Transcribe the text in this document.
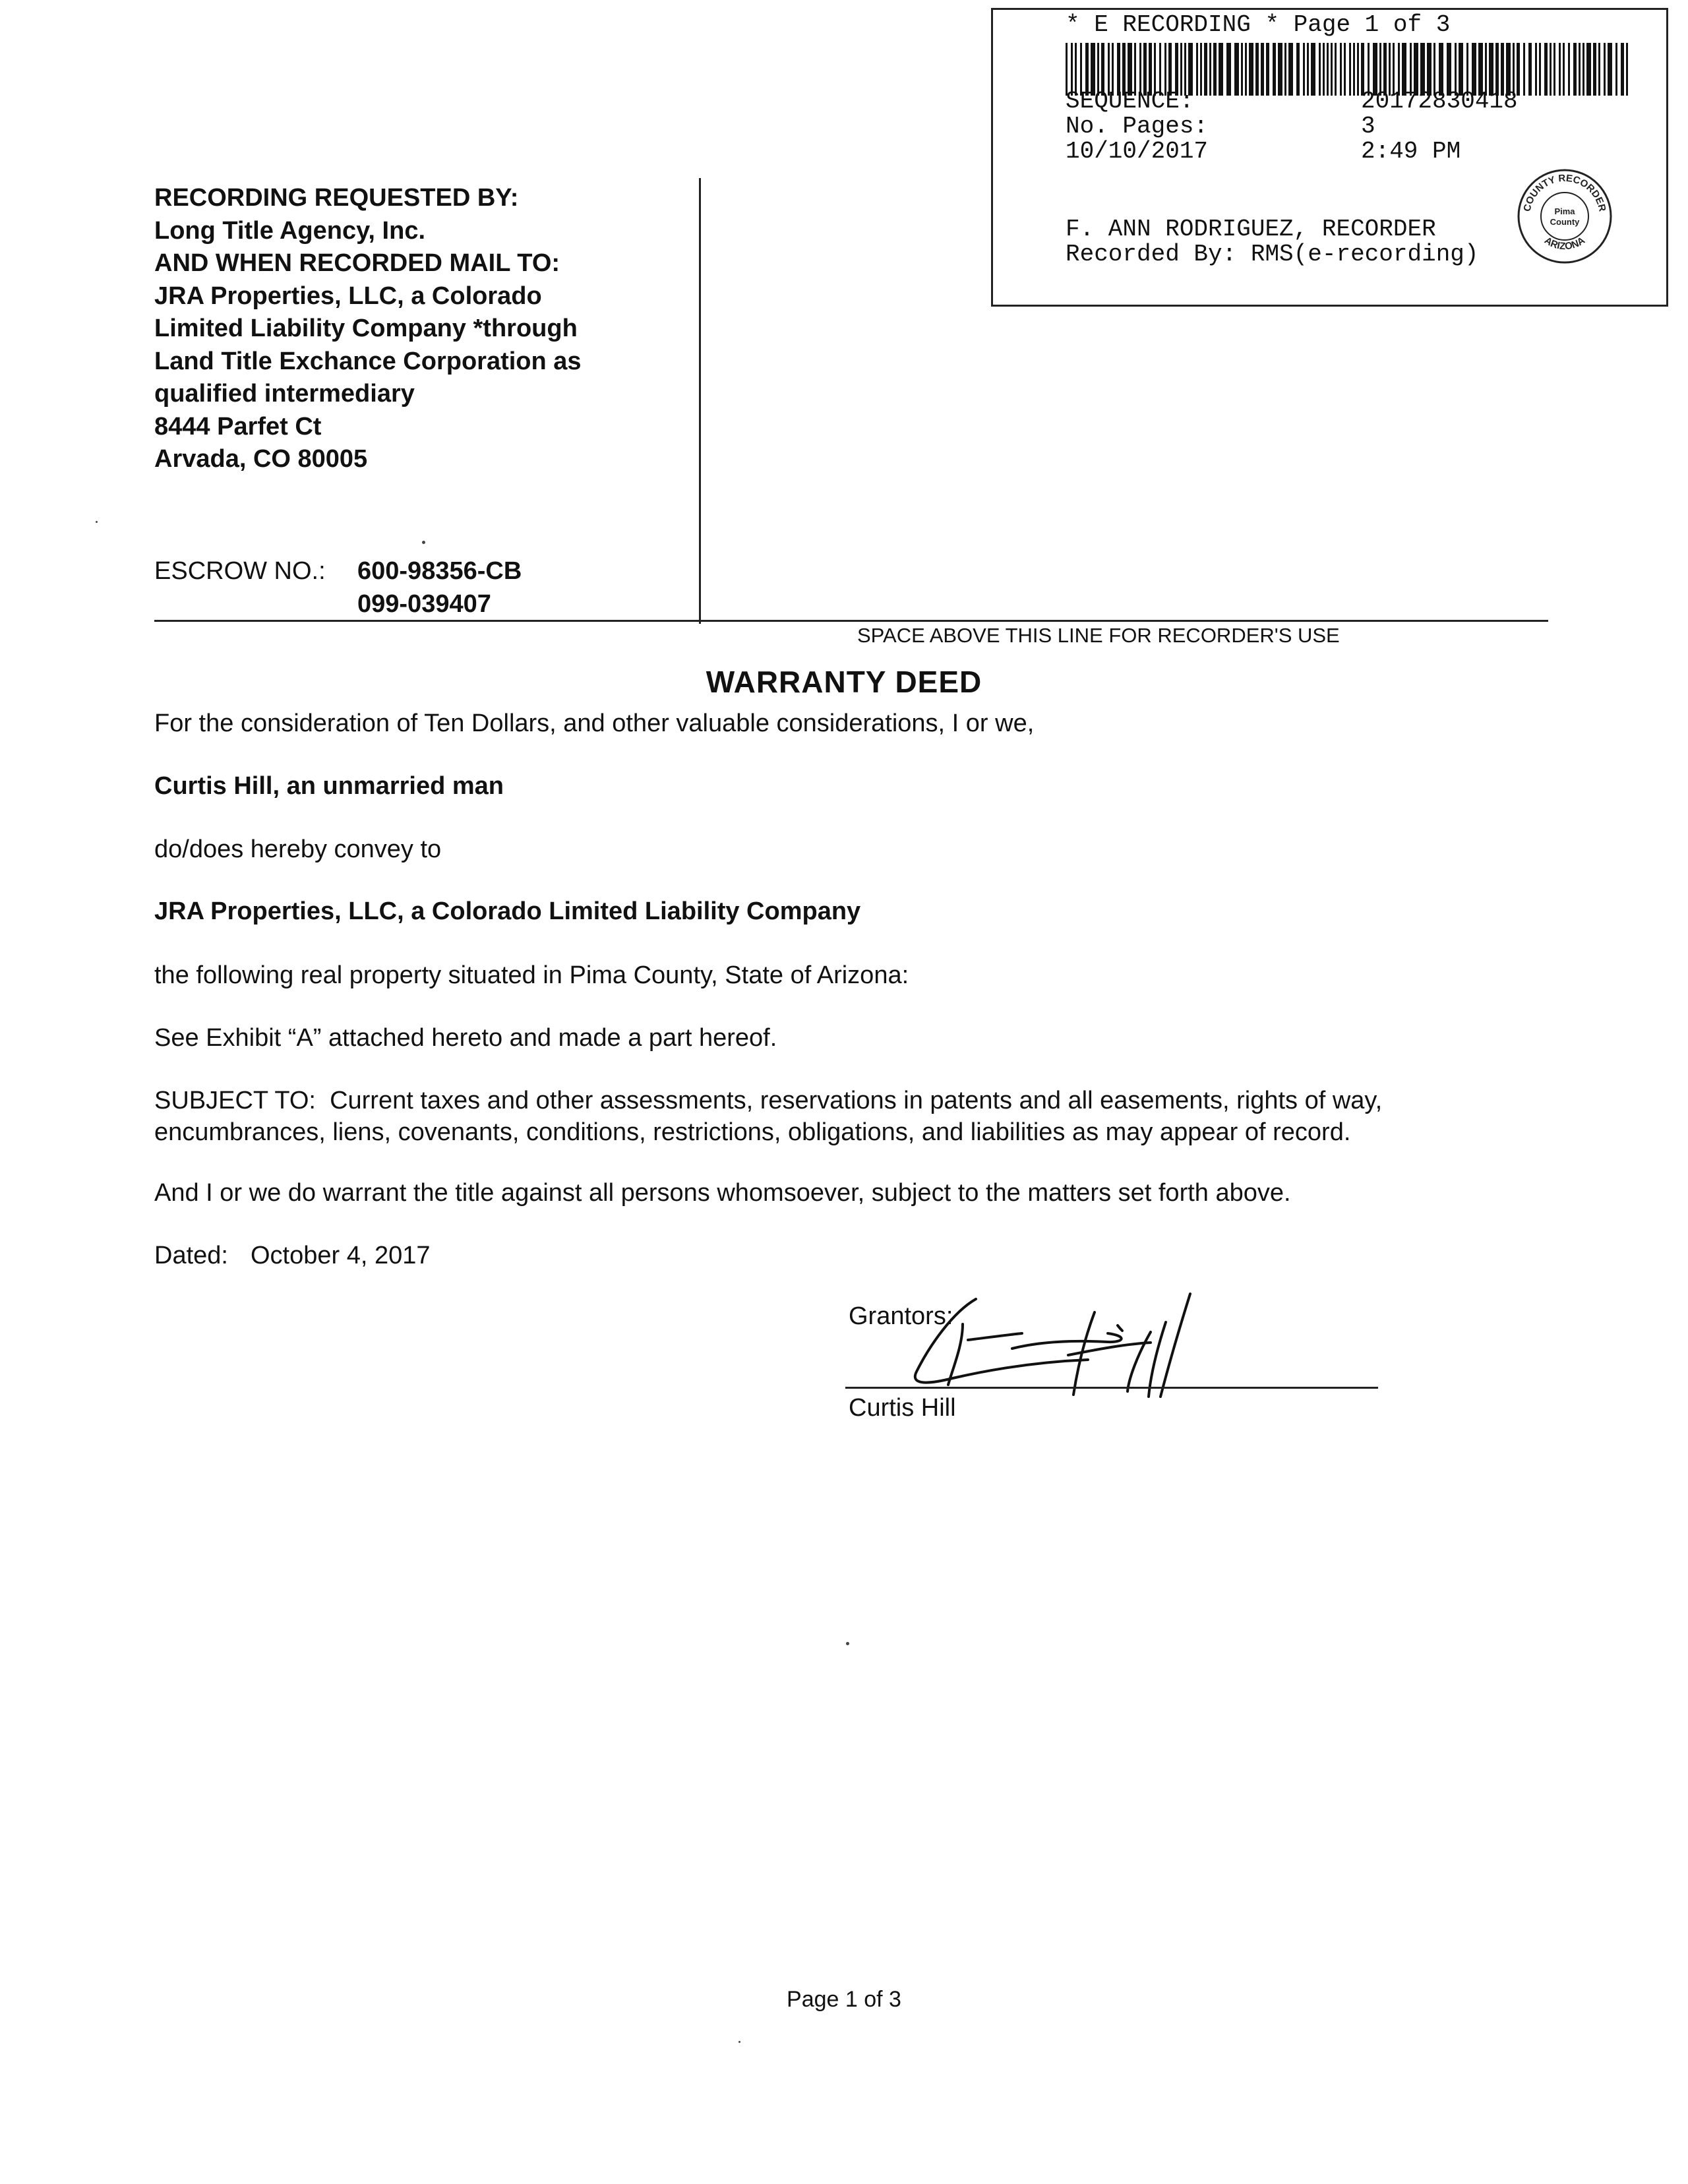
* E RECORDING * Page 1 of 3
SEQUENCE:	20172830418
No. Pages:	3
10/10/2017	2:49 PM
F. ANN RODRIGUEZ, RECORDER
Recorded By: RMS(e-recording)
COUNTY RECORDER
Pima
County
ARIZONA
RECORDING REQUESTED BY:
Long Title Agency, Inc.
AND WHEN RECORDED MAIL TO:
JRA Properties, LLC, a Colorado
Limited Liability Company *through
Land Title Exchance Corporation as
qualified intermediary
8444 Parfet Ct
Arvada, CO 80005
ESCROW NO.: 600-98356-CB
099-039407
SPACE ABOVE THIS LINE FOR RECORDER'S USE
WARRANTY DEED
For the consideration of Ten Dollars, and other valuable considerations, I or we,
Curtis Hill, an unmarried man
do/does hereby convey to
JRA Properties, LLC, a Colorado Limited Liability Company
the following real property situated in Pima County, State of Arizona:
See Exhibit “A” attached hereto and made a part hereof.
SUBJECT TO:  Current taxes and other assessments, reservations in patents and all easements, rights of way, encumbrances, liens, covenants, conditions, restrictions, obligations, and liabilities as may appear of record.
And I or we do warrant the title against all persons whomsoever, subject to the matters set forth above.
Dated: October 4, 2017
Grantors:
Curtis Hill
Page 1 of 3
